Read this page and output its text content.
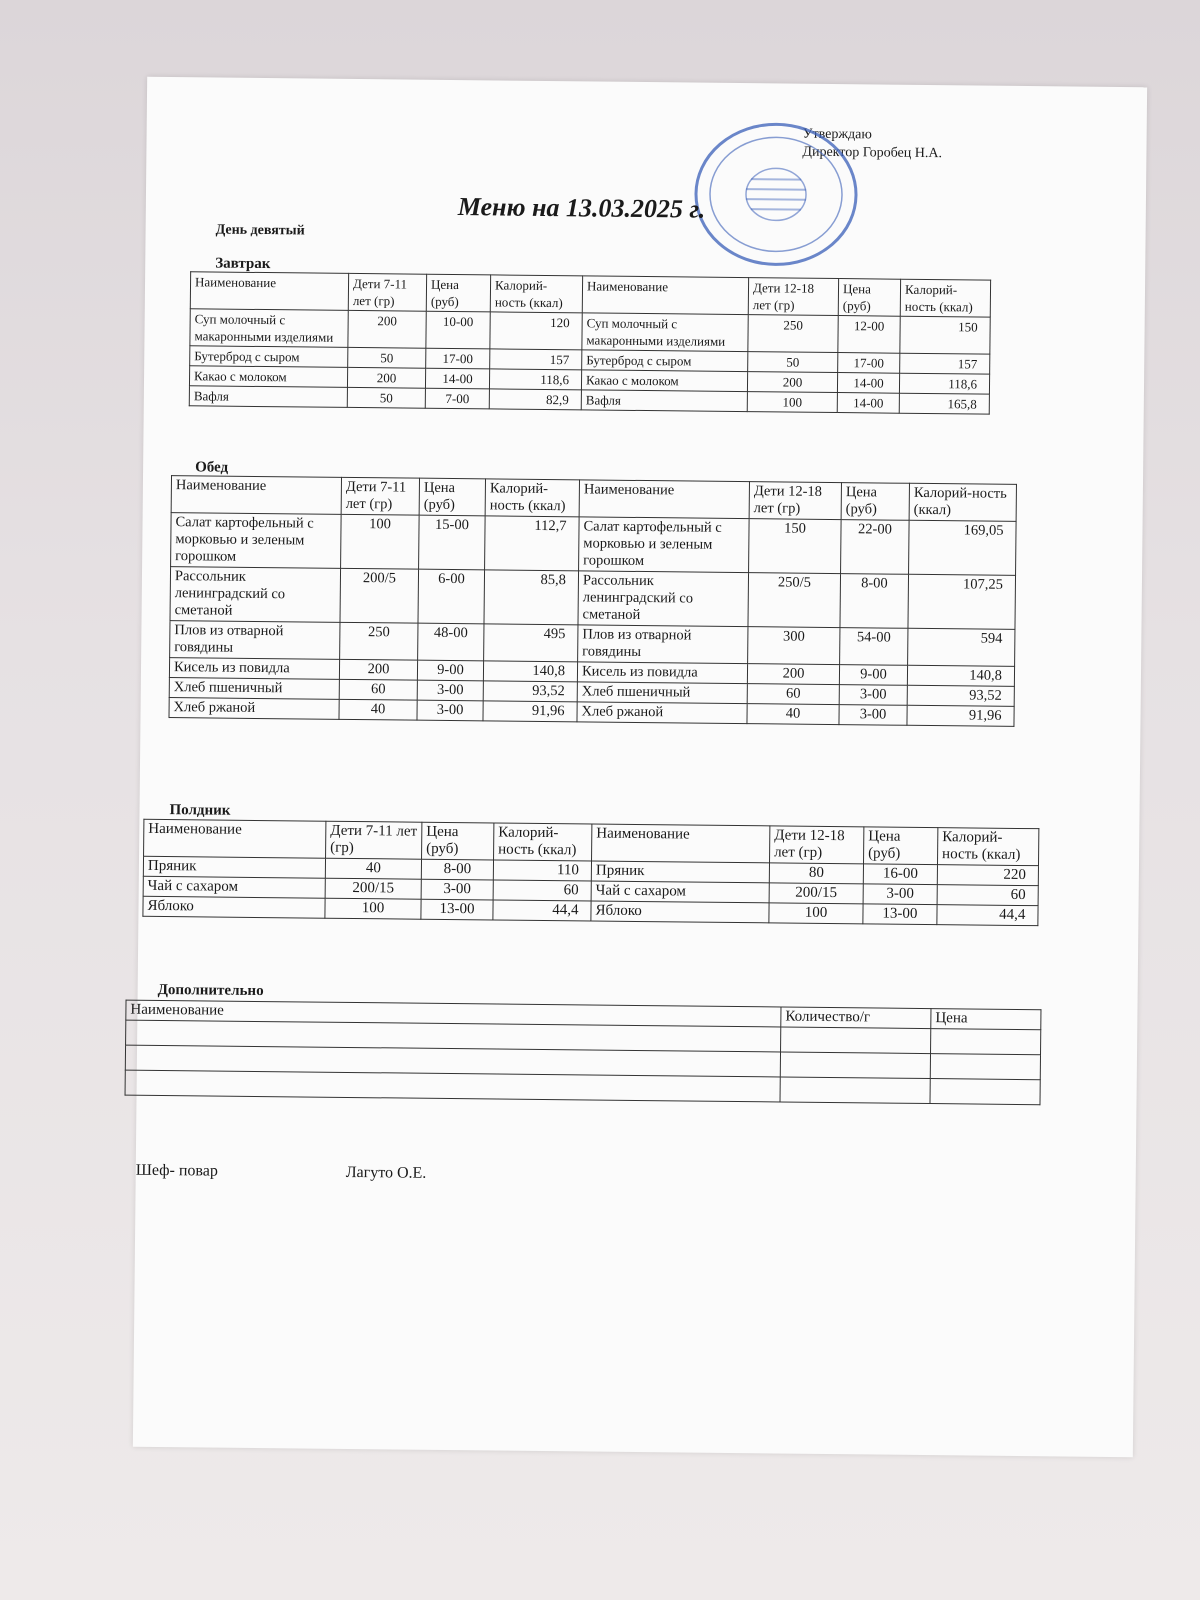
Утверждаю
Директор Горобец Н.А.
Меню на 13.03.2025 г.
День девятый
Завтрак
Наименование	Дети 7-11 лет (гр)	Цена (руб)	Калорий-ность (ккал)	Наименование	Дети 12-18 лет (гр)	Цена (руб)	Калорий-ность (ккал)
Суп молочный с макаронными изделиями	200	10-00	120	Суп молочный с макаронными изделиями	250	12-00	150
Бутерброд с сыром	50	17-00	157	Бутерброд с сыром	50	17-00	157
Какао с молоком	200	14-00	118,6	Какао с молоком	200	14-00	118,6
Вафля	50	7-00	82,9	Вафля	100	14-00	165,8
Обед
Наименование	Дети 7-11 лет (гр)	Цена (руб)	Калорий-ность (ккал)	Наименование	Дети 12-18 лет (гр)	Цена (руб)	Калорий-ность (ккал)
Салат картофельный с морковью и зеленым горошком	100	15-00	112,7	Салат картофельный с морковью и зеленым горошком	150	22-00	169,05
Рассольник ленинградский со сметаной	200/5	6-00	85,8	Рассольник ленинградский со сметаной	250/5	8-00	107,25
Плов из отварной говядины	250	48-00	495	Плов из отварной говядины	300	54-00	594
Кисель из повидла	200	9-00	140,8	Кисель из повидла	200	9-00	140,8
Хлеб пшеничный	60	3-00	93,52	Хлеб пшеничный	60	3-00	93,52
Хлеб ржаной	40	3-00	91,96	Хлеб ржаной	40	3-00	91,96
Полдник
Наименование	Дети 7-11 лет (гр)	Цена (руб)	Калорий-ность (ккал)	Наименование	Дети 12-18 лет (гр)	Цена (руб)	Калорий-ность (ккал)
Пряник	40	8-00	110	Пряник	80	16-00	220
Чай с сахаром	200/15	3-00	60	Чай с сахаром	200/15	3-00	60
Яблоко	100	13-00	44,4	Яблоко	100	13-00	44,4
Дополнительно
Наименование	Количество/г	Цена

Шеф- повар	Лагуто О.Е.
